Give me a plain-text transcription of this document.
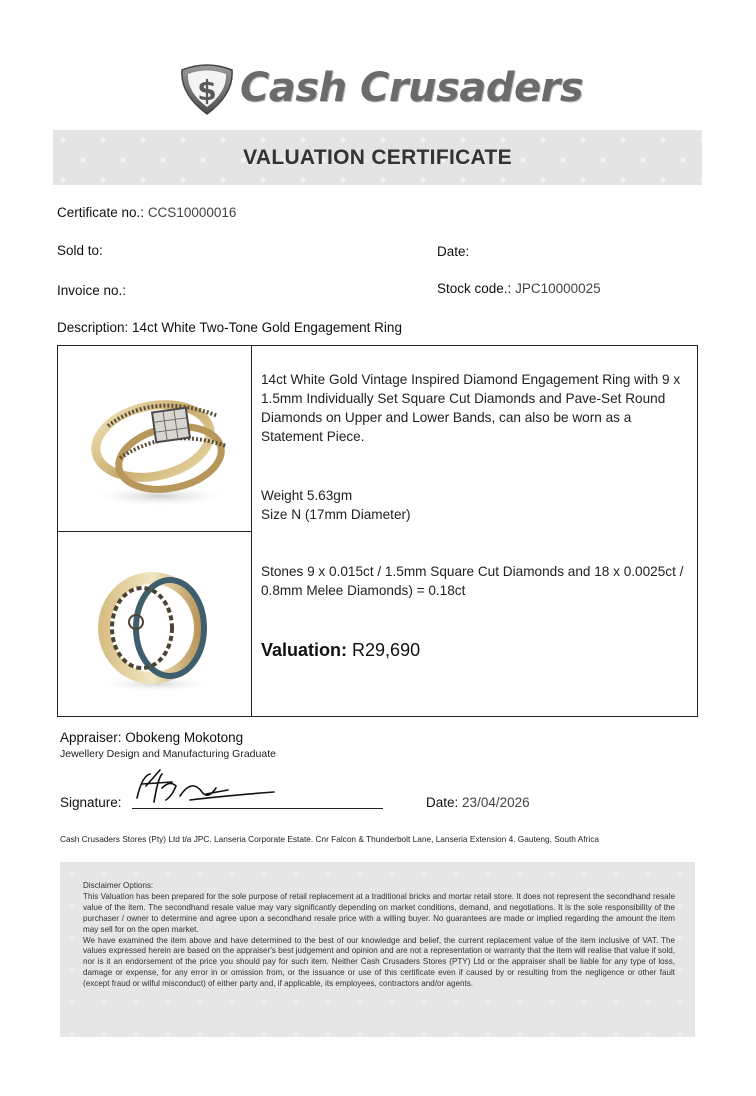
$ Cash Crusaders
VALUATION CERTIFICATE
Certificate no.: CCS10000016
Sold to:	Date:
Invoice no.:	Stock code.: JPC10000025
Description: 14ct White Two-Tone Gold Engagement Ring
14ct White Gold Vintage Inspired Diamond Engagement Ring with 9 x 1.5mm Individually Set Square Cut Diamonds and Pave-Set Round Diamonds on Upper and Lower Bands, can also be worn as a Statement Piece.
Weight 5.63gm
Size N (17mm Diameter)
Stones 9 x 0.015ct / 1.5mm Square Cut Diamonds and 18 x 0.0025ct / 0.8mm Melee Diamonds) = 0.18ct
Valuation: R29,690
Appraiser: Obokeng Mokotong
Jewellery Design and Manufacturing Graduate
Signature:	Date: 23/04/2026
Cash Crusaders Stores (Pty) Ltd t/a JPC. Lanseria Corporate Estate. Cnr Falcon & Thunderbolt Lane, Lanseria Extension 4. Gauteng, South Africa

Disclaimer Options:

This Valuation has been prepared for the sole purpose of retail replacement at a traditional bricks and mortar retail store. It does not represent the secondhand resale value of the item. The secondhand resale value may vary significantly depending on market conditions, demand, and negotiations. It is the sole responsibility of the purchaser / owner to determine and agree upon a secondhand resale price with a willing buyer. No guarantees are made or implied regarding the amount the item may sell for on the open market.

We have examined the item above and have determined to the best of our knowledge and belief, the current replacement value of the item inclusive of VAT. The values expressed herein are based on the appraiser's best judgement and opinion and are not a representation or warranty that the item will realise that value if sold, nor is it an endorsement of the price you should pay for such item. Neither Cash Crusaders Stores (PTY) Ltd or the appraiser shall be liable for any type of loss, damage or expense, for any error in or omission from, or the issuance or use of this certificate even if caused by or resulting from the negligence or other fault (except fraud or wilful misconduct) of either party and, if applicable, its employees, contractors and/or agents.
